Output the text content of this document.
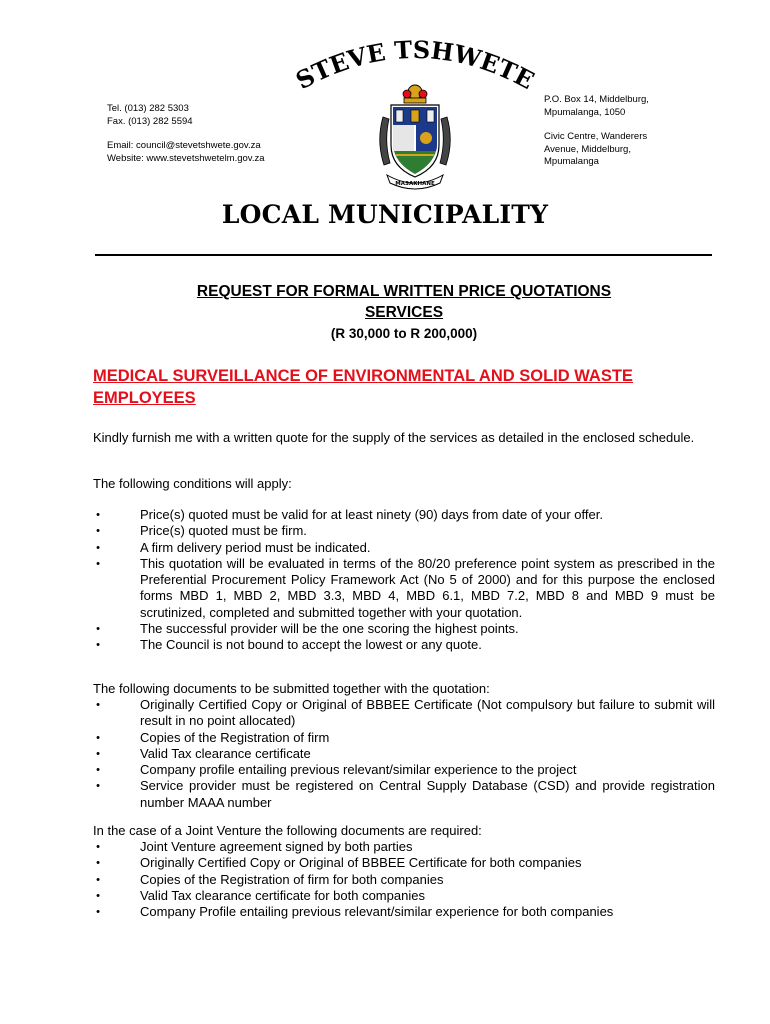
STEVE TSHWETE
Tel. (013) 282 5303
Fax. (013) 282 5594
Email: council@stevetshwete.gov.za
Website: www.stevetshwetelm.gov.za
MASAKHANE
P.O. Box 14, Middelburg,
Mpumalanga, 1050
Civic Centre, Wanderers
Avenue, Middelburg,
Mpumalanga
LOCAL MUNICIPALITY
REQUEST FOR FORMAL WRITTEN PRICE QUOTATIONS
SERVICES
(R 30,000 to R 200,000)
MEDICAL SURVEILLANCE OF ENVIRONMENTAL AND SOLID WASTE EMPLOYEES
Kindly furnish me with a written quote for the supply of the services as detailed in the enclosed schedule.
The following conditions will apply:
•	Price(s) quoted must be valid for at least ninety (90) days from date of your offer.
•	Price(s) quoted must be firm.
•	A firm delivery period must be indicated.
•	This quotation will be evaluated in terms of the 80/20 preference point system as prescribed in the Preferential Procurement Policy Framework Act (No 5 of 2000) and for this purpose the enclosed forms MBD 1, MBD 2, MBD 3.3, MBD 4, MBD 6.1, MBD 7.2, MBD 8 and MBD 9 must be scrutinized, completed and submitted together with your quotation.
•	The successful provider will be the one scoring the highest points.
•	The Council is not bound to accept the lowest or any quote.
The following documents to be submitted together with the quotation:
•	Originally Certified Copy or Original of BBBEE Certificate (Not compulsory but failure to submit will result in no point allocated)
•	Copies of the Registration of firm
•	Valid Tax clearance certificate
•	Company profile entailing previous relevant/similar experience to the project
•	Service provider must be registered on Central Supply Database (CSD) and provide registration number MAAA number
In the case of a Joint Venture the following documents are required:
•	Joint Venture agreement signed by both parties
•	Originally Certified Copy or Original of BBBEE Certificate for both companies
•	Copies of the Registration of firm for both companies
•	Valid Tax clearance certificate for both companies
•	Company Profile entailing previous relevant/similar experience for both companies
